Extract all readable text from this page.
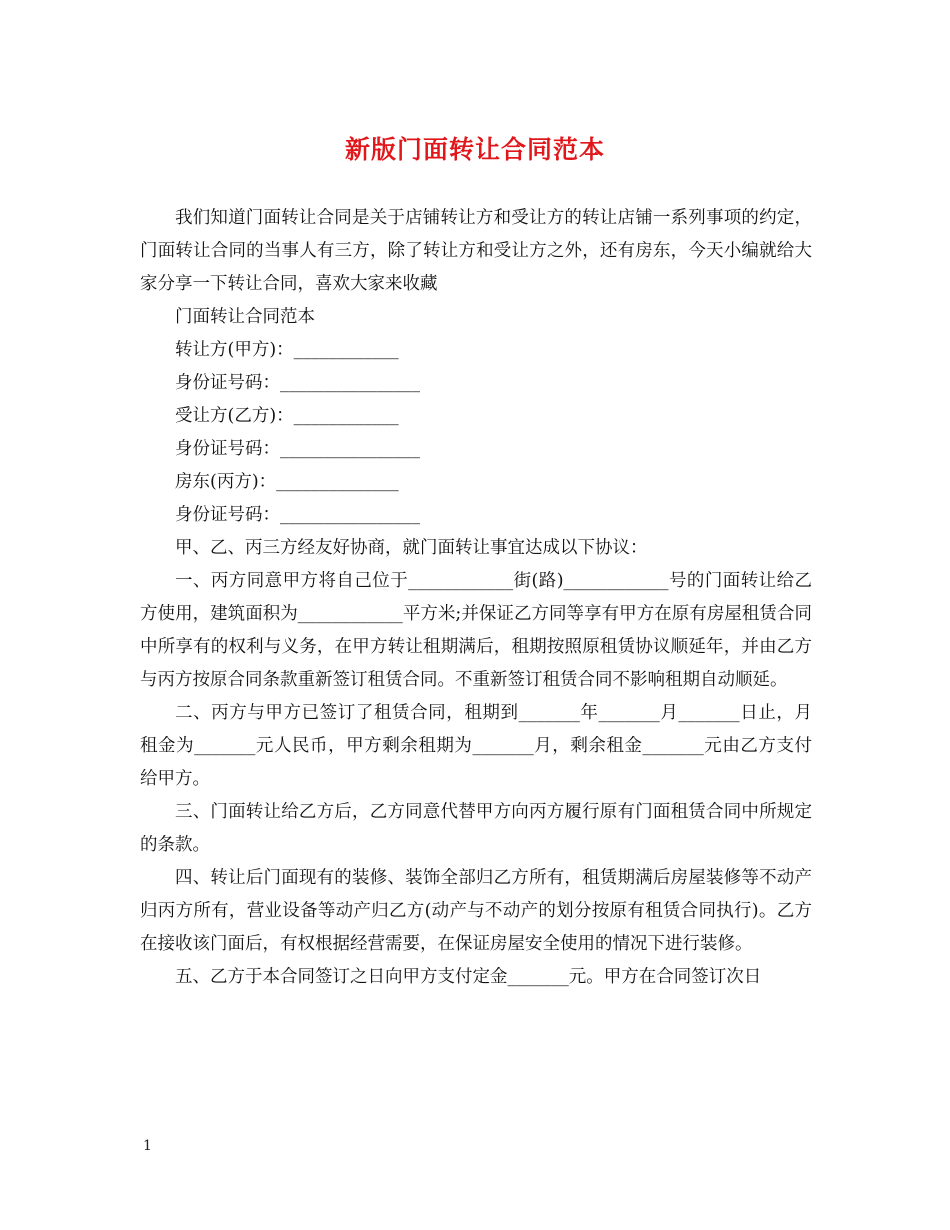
新版门面转让合同范本

我们知道门面转让合同是关于店铺转让方和受让方的转让店铺一系列事项的约定，门面转让合同的当事人有三方，除了转让方和受让方之外，还有房东，今天小编就给大家分享一下转让合同，喜欢大家来收藏

门面转让合同范本

转让方(甲方)：____________

身份证号码：________________

受让方(乙方)：____________

身份证号码：________________

房东(丙方)：______________

身份证号码：________________

甲、乙、丙三方经友好协商，就门面转让事宜达成以下协议：

一、丙方同意甲方将自己位于____________街(路)____________号的门面转让给乙方使用，建筑面积为____________平方米;并保证乙方同等享有甲方在原有房屋租赁合同中所享有的权利与义务，在甲方转让租期满后，租期按照原租赁协议顺延年，并由乙方与丙方按原合同条款重新签订租赁合同。不重新签订租赁合同不影响租期自动顺延。

二、丙方与甲方已签订了租赁合同，租期到_______年_______月_______日止，月租金为_______元人民币，甲方剩余租期为_______月，剩余租金_______元由乙方支付给甲方。

三、门面转让给乙方后，乙方同意代替甲方向丙方履行原有门面租赁合同中所规定的条款。

四、转让后门面现有的装修、装饰全部归乙方所有，租赁期满后房屋装修等不动产归丙方所有，营业设备等动产归乙方(动产与不动产的划分按原有租赁合同执行)。乙方在接收该门面后，有权根据经营需要，在保证房屋安全使用的情况下进行装修。

五、乙方于本合同签订之日向甲方支付定金_______元。甲方在合同签订次日

1
